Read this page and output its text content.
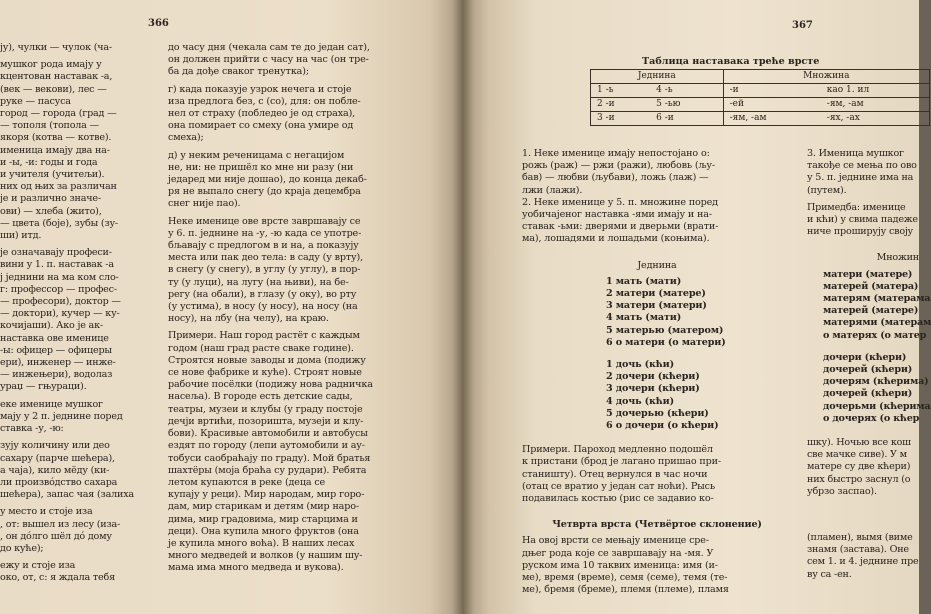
366
ју), чулки — чулок (ча-

мушког рода имају у
кцентован наставак -а,
(век — векови), лес —
руке — пасуса
город — города (град —
— тополя (топола —
якоря (котва — котве).
именица имају два на-
и -ы, -и: годы и года
и учителя (учитељи).
них од њих за различан
је и различно значе-
ови) — хлеба (жито),
— цвета (боје), зубы (зу-
ши) итд.

је означавају професи-
вини у 1. п. наставак -а
ј једнини на ма ком сло-
г: профессор — профес-
— професори), доктор —
— доктори), кучер — ку-
кочијаши). Ако је ак-
наставка ове именице
-ы: офицер — офицеры
ери), инженер — инже-
— инжењери), водолаз
ураџ — гњураци).

еке именице мушког
мају у 2 п. једнине поред
ставка -у, -ю:

зују количину или део
сахару (парче шећера),
а чаја), кило мёду (ки-
ли произвóдство сахара
шећера), запас чая (залиха

у место и стоје иза
, от: вышел из лесу (иза-
, он дóлго шёл дó дому
до куће);

ежу и стоје иза
око, от, с: я ждала тебя
до часу дня (чекала сам те до један сат),
он должен прийти с часу на час (он тре-
ба да дође сваког тренутка);

г) када показује узрок нечега и стоје
иза предлога без, с (со), для: он побле-
нел от страху (побледео је од страха),
она помирает со смеху (она умире од
смеха);

д) у неким реченицама с негацијом
не, ни: не пришёл ко мне ни разу (ни
једаред ми није дошао), до конца декаб-
ря не выпало снегу (до краја децембра
снег није пао).

Неке именице ове врсте завршавају се
у 6. п. једнине на -у, -ю када се употре-
бљавају с предлогом в и на, а показују
места или пак део тела: в саду (у врту),
в снегу (у снегу), в углу (у углу), в пор-
ту (у луци), на лугу (на њиви), на бе-
регу (на обали), в глазу (у оку), во рту
(у устима), в носу (у носу), на носу (на
носу), на лбу (на челу), на краю.

Примери. Наш город растёт с каждым
годом (наш град расте сваке године).
Строятся новые заводы и дома (подижу
се нове фабрике и куће). Строят новые
рабочие посёлки (подижу нова радничка
насеља). В городе есть детские сады,
театры, музеи и клубы (у граду постоје
дечји вртићи, позоришта, музеји и клу-
бови). Красивые автомобили и автобусы
ездят по городу (лепи аутомобили и ау-
тобуси саобраћају по граду). Мой братья
шахтёры (моја браћа су рудари). Ребята
летом купаются в реке (деца се
купају у реци). Мир народам, мир горо-
дам, мир старикам и детям (мир наро-
дима, мир градовима, мир старцима и
деци). Она купила много фруктов (она
је купила много воћа). В наших лесах
много медведей и волков (у нашим шу-
мама има много медведа и вукова).
367
Таблица наставака треће врсте
Једнина		Множина	
1 -ь	4 -ь	-и	као 1. ил
2 -и	5 -ью	-ей	-ям, -ам
3 -и	6 -и	-ям, -ам	-ях, -ах
1. Неке именице имају непостојано о:
рожь (раж) — ржи (ражи), любовь (љу-
бав) — любви (љубави), ложь (лаж) —
лжи (лажи).
2. Неке именице у 5. п. множине поред
уобичајеног наставка -ями имају и на-
ставак -ьми: дверями и дверьми (врати-
ма), лошадями и лошадьми (коњима).
Једнина
1 мать (мати)
2 матери (матере)
3 матери (матери)
4 мать (мати)
5 матерью (матером)
6 о матери (о матери)
1 дочь (кћи)
2 дочери (кћери)
3 дочери (кћери)
4 дочь (кћи)
5 дочерью (кћери)
6 о дочери (о кћери)
Примери. Пароход медленно подошёл
к пристани (брод је лагано пришао при-
станишту). Отец вернулся в час ночи
(отац се вратио у један сат ноћи). Рысь
подавилась костью (рис се задавио ко-
Четврта врста (Четвёртое склонение)
На овој врсти се мењају именице сре-
дњег рода које се завршавају на -мя. У
руском има 10 таквих именица: имя (и-
ме), время (време), семя (семе), темя (те-
ме), бремя (бреме), племя (племе), пламя
3. Именица мушког
такође се мења по ово
у 5. п. једнине има на
(путем).

Примедба: именице
и кћи) у свима падеже
ниче проширују својy
Множин
матери (матере)
матерей (матера)
матерям (матерама
матерей (матере)
матерями (матерам
о матерях (о матер
дочери (кћери)
дочерей (кћери)
дочерям (кћерима)
дочерей (кћери)
дочерьми (кћерима
о дочерях (о кћер
шку). Ночью все кош
све мачке сиве). У м
матере су две кћери)
них быстро заснул (о
убрзо заспао).
(пламен), вымя (виме
знамя (застава). Оне
сем 1. и 4. једнине пре
ву са -ен.
